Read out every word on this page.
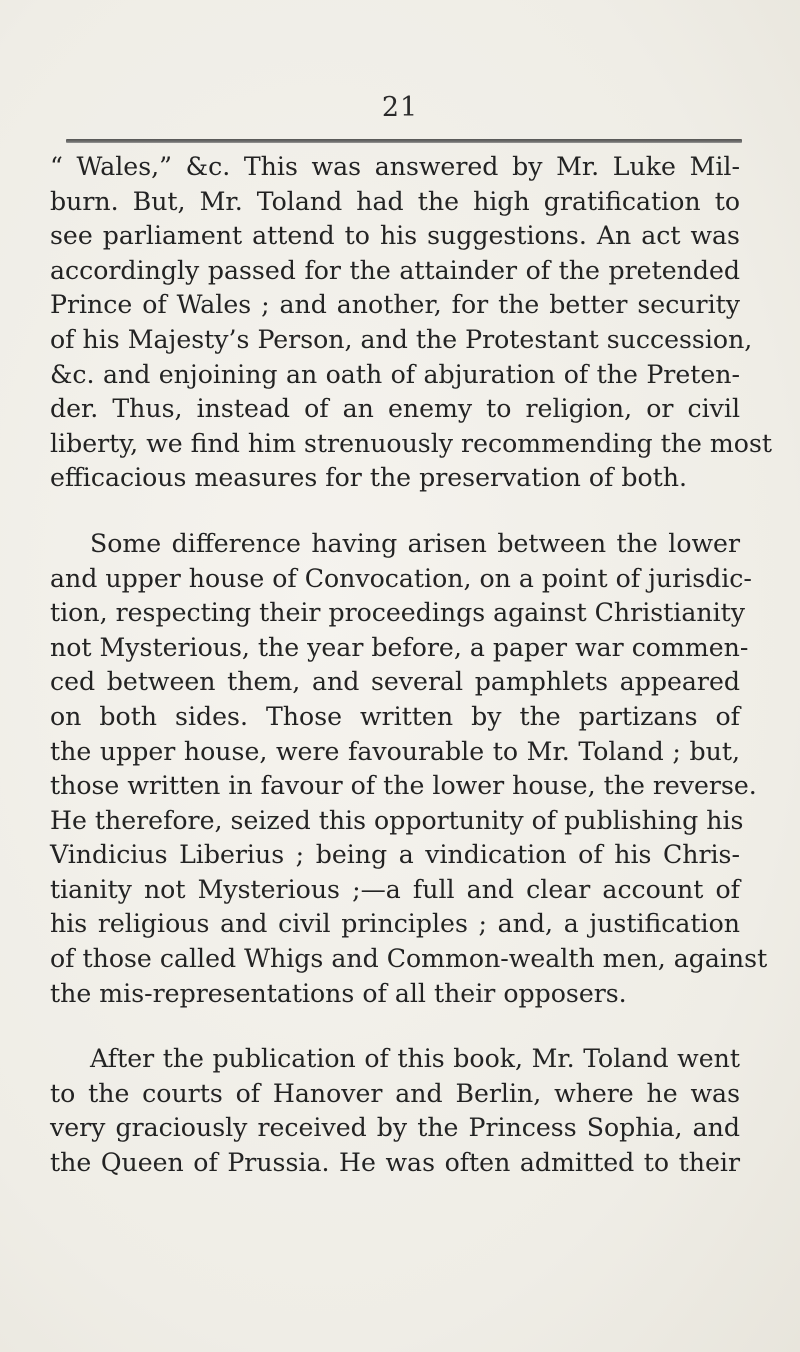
21
“ Wales,” &c. This was answered by Mr. Luke Mil-
burn. But, Mr. Toland had the high gratification to
see parliament attend to his suggestions. An act was
accordingly passed for the attainder of the pretended
Prince of Wales ; and another, for the better security
of his Majesty’s Person, and the Protestant succession,
&c. and enjoining an oath of abjuration of the Preten-
der. Thus, instead of an enemy to religion, or civil
liberty, we find him strenuously recommending the most
efficacious measures for the preservation of both.
Some difference having arisen between the lower
and upper house of Convocation, on a point of jurisdic-
tion, respecting their proceedings against Christianity
not Mysterious, the year before, a paper war commen-
ced between them, and several pamphlets appeared
on both sides. Those written by the partizans of
the upper house, were favourable to Mr. Toland ; but,
those written in favour of the lower house, the reverse.
He therefore, seized this opportunity of publishing his
Vindicius Liberius ; being a vindication of his Chris-
tianity not Mysterious ;—a full and clear account of
his religious and civil principles ; and, a justification
of those called Whigs and Common-wealth men, against
the mis-representations of all their opposers.
After the publication of this book, Mr. Toland went
to the courts of Hanover and Berlin, where he was
very graciously received by the Princess Sophia, and
the Queen of Prussia. He was often admitted to their
